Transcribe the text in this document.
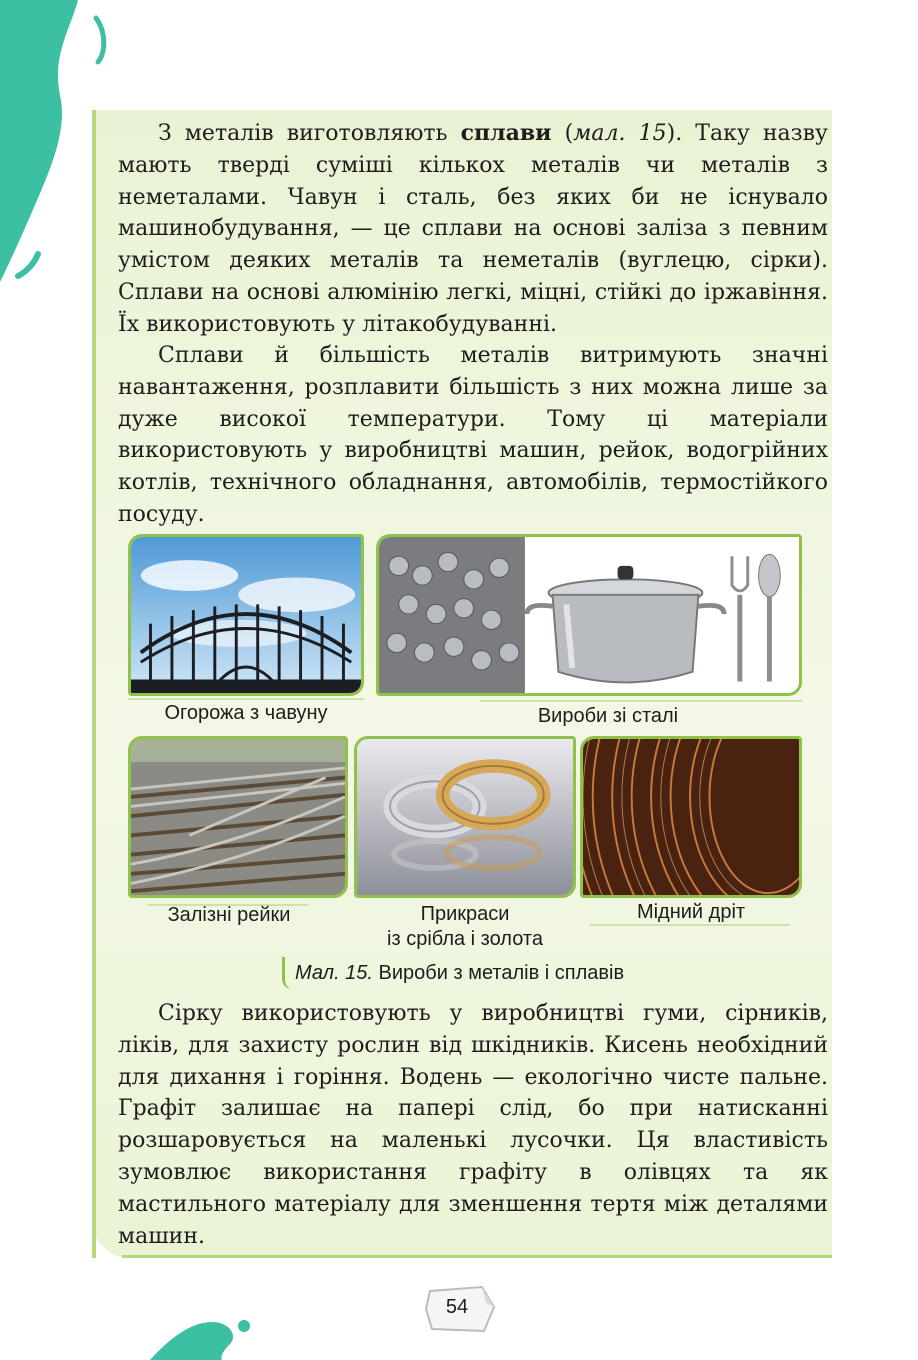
З металів виготовляють сплави (мал. 15). Таку назву мають тверді суміші кількох металів чи металів з неметалами. Чавун і сталь, без яких би не існувало машинобудування, — це сплави на основі заліза з певним умістом деяких металів та неметалів (вуглецю, сірки). Сплави на основі алюмінію легкі, міцні, стійкі до іржавіння. Їх використовують у літакобудуванні.

Сплави й більшість металів витримують значні навантаження, розплавити більшість з них можна лише за дуже високої температури. Тому ці матеріали використовують у виробництві машин, рейок, водогрійних котлів, технічного обладнання, автомобілів, термостійкого посуду.

Огорожа з чавуну	Вироби зі сталі
Залізні рейки	Прикраси
із срібла і золота
Мідний дріт
Мал. 15. Вироби з металів і сплавів

Сірку використовують у виробництві гуми, сірників, ліків, для захисту рослин від шкідників. Кисень необхідний для дихання і горіння. Водень — екологічно чисте пальне. Графіт залишає на папері слід, бо при натисканні розшаровується на маленькі лусочки. Ця властивість зумовлює використання графіту в олівцях та як мастильного матеріалу для зменшення тертя між деталями машин.

54
